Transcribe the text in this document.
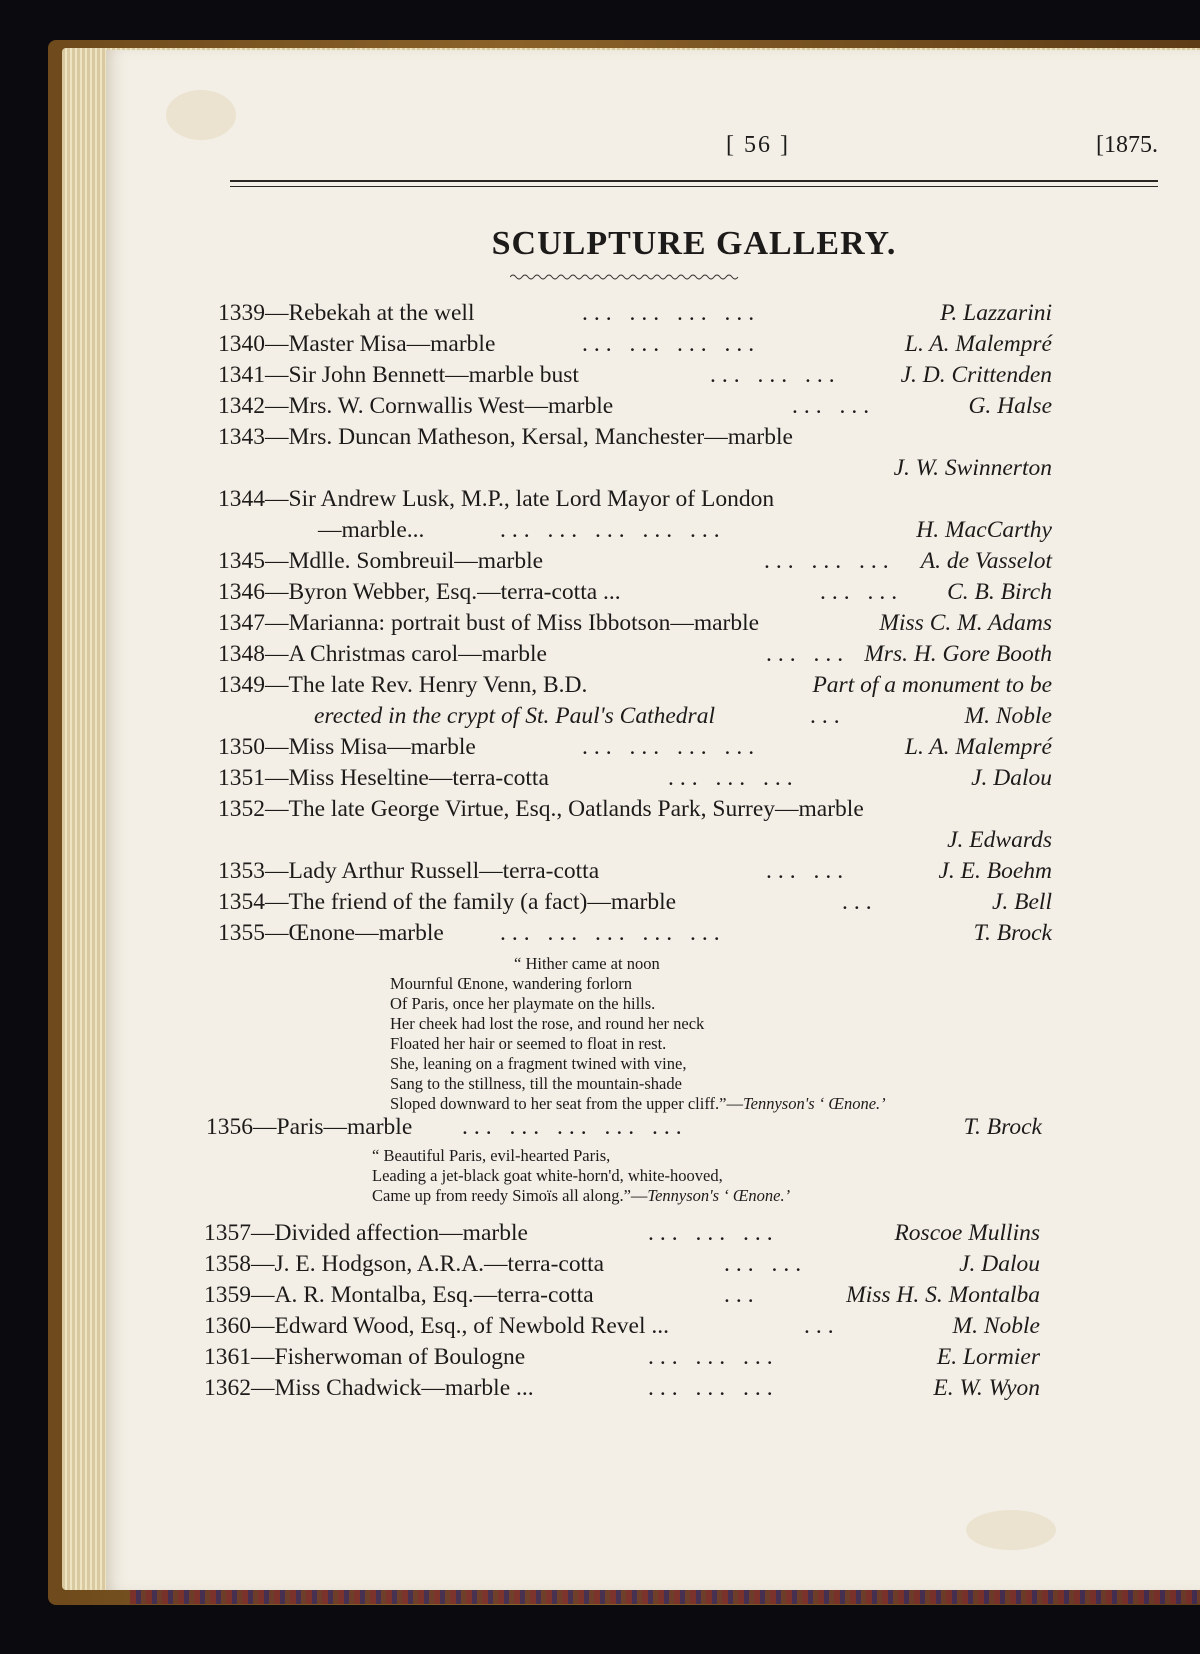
[ 56 ]	[1875.
SCULPTURE GALLERY.
1339—Rebekah at the well	... ... ... ...	P. Lazzarini
1340—Master Misa—marble	... ... ... ...	L. A. Malempré
1341—Sir John Bennett—marble bust	... ... ...	J. D. Crittenden
1342—Mrs. W. Cornwallis West—marble	... ...	G. Halse
1343—Mrs. Duncan Matheson, Kersal, Manchester—marble
J. W. Swinnerton
1344—Sir Andrew Lusk, M.P., late Lord Mayor of London
—marble...	... ... ... ... ...	H. MacCarthy
1345—Mdlle. Sombreuil—marble	... ... ... A. de Vasselot
1346—Byron Webber, Esq.—terra-cotta ...	... ... C. B. Birch
1347—Marianna: portrait bust of Miss Ibbotson—marble	Miss C. M. Adams
1348—A Christmas carol—marble	... ... Mrs. H. Gore Booth
1349—The late Rev. Henry Venn, B.D.	Part of a monument to be
erected in the crypt of St. Paul's Cathedral	...	M. Noble
1350—Miss Misa—marble	... ... ... ...	L. A. Malempré
1351—Miss Heseltine—terra-cotta	... ... ...	J. Dalou
1352—The late George Virtue, Esq., Oatlands Park, Surrey—marble
J. Edwards
1353—Lady Arthur Russell—terra-cotta	... ...	J. E. Boehm
1354—The friend of the family (a fact)—marble	...	J. Bell
1355—Œnone—marble ... ... ... ... ...	T. Brock
“ Hither came at noon
Mournful Œnone, wandering forlorn
Of Paris, once her playmate on the hills.
Her cheek had lost the rose, and round her neck
Floated her hair or seemed to float in rest.
She, leaning on a fragment twined with vine,
Sang to the stillness, till the mountain-shade
Sloped downward to her seat from the upper cliff.”—Tennyson's ‘ Œnone.’
1356—Paris—marble ... ... ... ... ...	T. Brock
“ Beautiful Paris, evil-hearted Paris,
Leading a jet-black goat white-horn'd, white-hooved,
Came up from reedy Simoïs all along.”—Tennyson's ‘ Œnone.’
1357—Divided affection—marble	... ... ...	Roscoe Mullins
1358—J. E. Hodgson, A.R.A.—terra-cotta	... ...	J. Dalou
1359—A. R. Montalba, Esq.—terra-cotta	...	Miss H. S. Montalba
1360—Edward Wood, Esq., of Newbold Revel ...	...	M. Noble
1361—Fisherwoman of Boulogne	... ... ...	E. Lormier
1362—Miss Chadwick—marble ...	... ... ...	E. W. Wyon
